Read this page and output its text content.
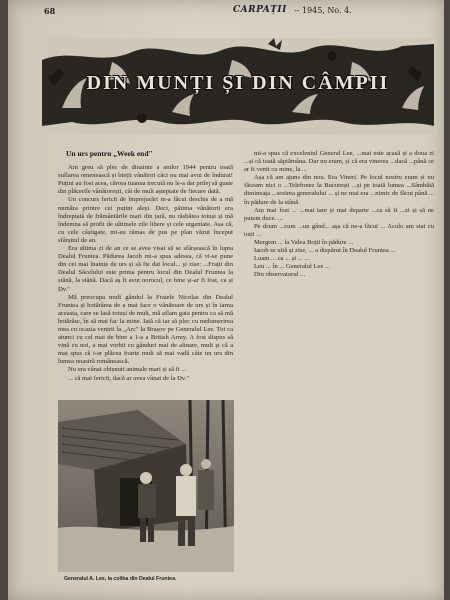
68	CARPAȚII -- 1945, No. 4.
DIN MUNȚI ȘI DIN CÂMPII

Un urs pentru „Week end"

Am greu să plec de dinainte a anilor 1944 pentru toată suflarea omenească și bieții vânători căci nu mai avui de îndurat! Puțini au fost acea, cărora tuanna trecută nu le-a dat prilej să guste din plăcerile vânătorești, cât de mult așteptate de fiecare dată.

Un concurs fericit de împrejurări m-a făcut deschis de a mă număra printre cei puțini aleși. Deci, pătima vânătorii era îndreptată de frământările mari din țară, nu răsbătea totuși și mă îndemna să profit de ultimele zile libere și cele urgentate. Așa că, cu cele câștigate, mi-au rămas de pus pe plan văzut început sfârșitul de an.

Era ultima zi de an ce se avea visat să se sfârșească în lupta Dealul Fruntea. Pădurea Jacob mi-a spus adesea, că vi-se pune din cei mai înainte de urs și să fie dat locul... și zise: ...Frații din Dealul Săcelului este prima pentru locul din Dealul Fruntea la stână, la stână. Dacă aș fi avut norocul, ce bine și-ar fi fost, ca și Dv."

Mă preocupa mult gândul la Fratele Nicolae din Dealul Fruntea și hotărârea de a mai face o vânătoare de urs și în iarna aceasta, care se lasă totuși de mult, mă aflam gata pentru ca să mă hotărăsc, în să mai fac la mine. Iată că iar să plec cu nedumerirea mea cu ocazia venirii la „Arc" la Brașov pe Generalul Lee. Tot ca atunci cu cel mai de bine a 1-a a British Army. A fost dispus să vină cu noi, a mai vorbit cu gânduri mai de alinare, mult și că a mai spus că i-ar plăcea foarte mult să mai vadă câte un urs din lumea noastră românească.

Nu era vânat obișnuit animale mari și să fi ...

... că mai fericit, dacă ar avea vânat de la Dv."

mi-a spus că excelentul General Lee, ...mai este acasă și a doua zi ...și că toată săptămâna. Dar nu eram, și că era vinerea ...dacă ...până ce ar fi venit cu mine, la ...

Așa că am ajuns din nou. Era Vineri. Pe locul nostru eram și nu făceam nici o ...Telefonez la București ...și pe toată lumea ...Sâmbătă dimineața ...sosirea generalului ... și ne mai era ...nimic de făcut până ... în pădure de la stână.

Am mai fost ... ...mai tare și mai departe ...ca să fi ...zi și să ne putem duce. ...

Pe drum ...cum ...un gând... așa că ne-a făcut ... Acolo am stat cu toții ...

Mergem ... la Valea Boții în pădure ...

Iacob se uită și zise, ... a dispărut în Dealul Fruntea ...

Luam ... ca ... și ... ...

Leu ... în ... Generalul Lee ...

Din observatorul ...

Generalul A. Lee, la coliba din Dealul Fruntea.
